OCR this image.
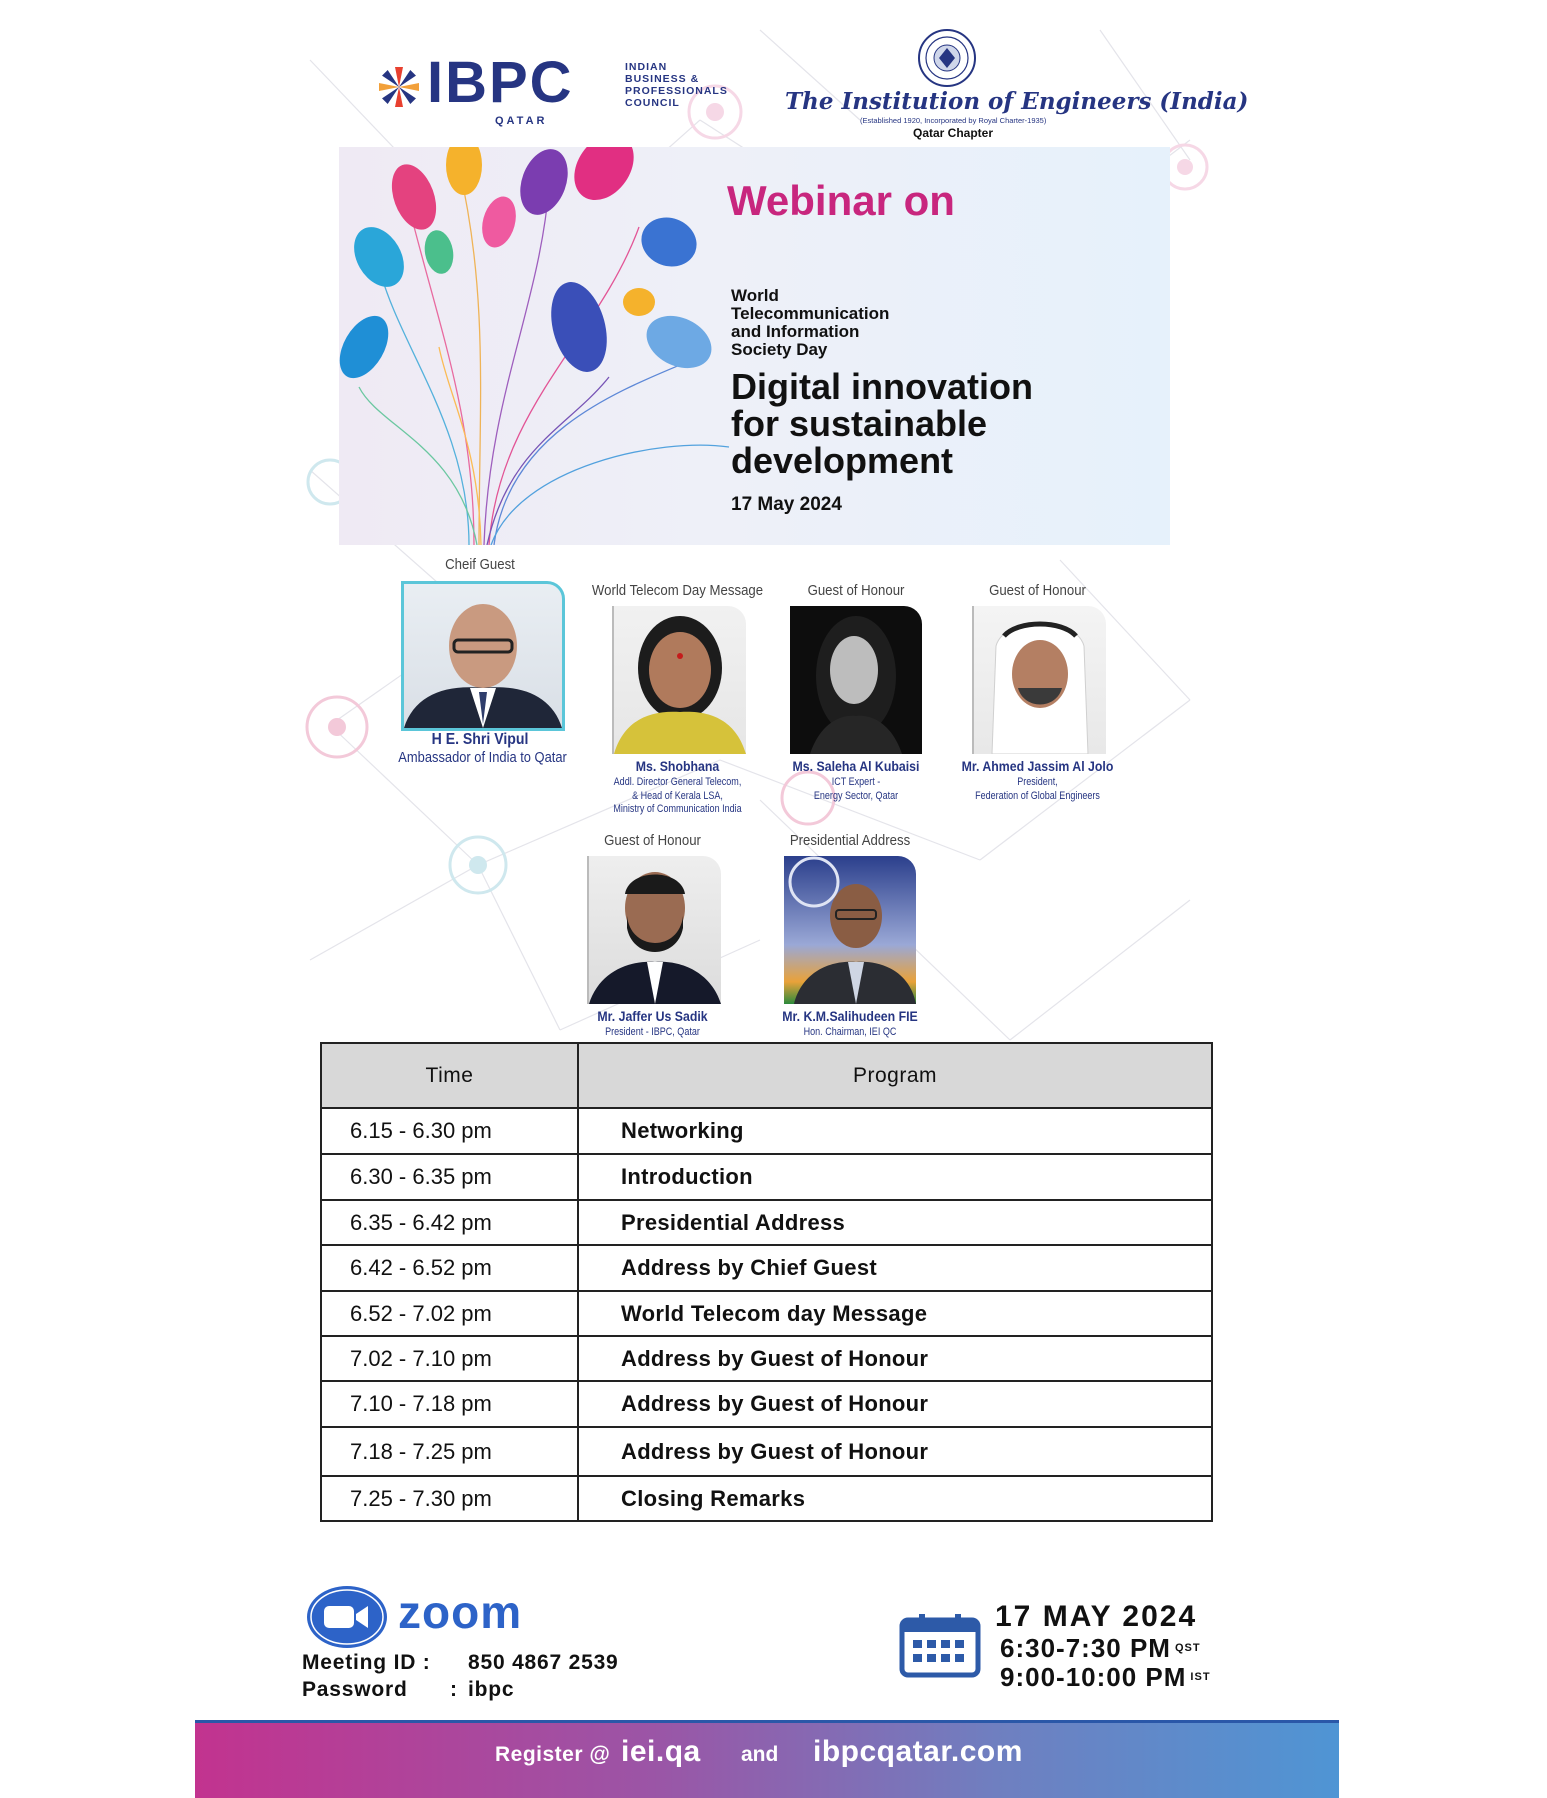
IBPC	INDIAN
BUSINESS &
PROFESSIONALS
COUNCIL
QATAR
The Institution of Engineers (India)
(Established 1920, Incorporated by Royal Charter-1935)
Qatar Chapter
Webinar on
World
Telecommunication
and Information
Society Day
Digital innovation
for sustainable
development
17 May 2024
Cheif Guest
H E. Shri Vipul
Ambassador of India to Qatar
World Telecom Day Message
Ms. Shobhana
Addl. Director General Telecom,
& Head of Kerala LSA,
Ministry of Communication India
Guest of Honour
Ms. Saleha Al Kubaisi
ICT Expert -
Energy Sector, Qatar
Guest of Honour
Mr. Ahmed Jassim Al Jolo
President,
Federation of Global Engineers
Guest of Honour
Mr. Jaffer Us Sadik
President - IBPC, Qatar
Presidential Address
Mr. K.M.Salihudeen FIE
Hon. Chairman, IEI QC
Time	Program
6.15 - 6.30 pm	Networking
6.30 - 6.35 pm	Introduction
6.35 - 6.42 pm	Presidential Address
6.42 - 6.52 pm	Address by Chief Guest
6.52 - 7.02 pm	World Telecom day Message
7.02 - 7.10 pm	Address by Guest of Honour
7.10 - 7.18 pm	Address by Guest of Honour
7.18 - 7.25 pm	Address by Guest of Honour
7.25 - 7.30 pm	Closing Remarks
zoom
Meeting ID : 850 4867 2539
Password : ibpc
17 MAY 2024
6:30-7:30 PM $^{QST}$
9:00-10:00 PM $^{IST}$
Register @ iei.qa and ibpcqatar.com
